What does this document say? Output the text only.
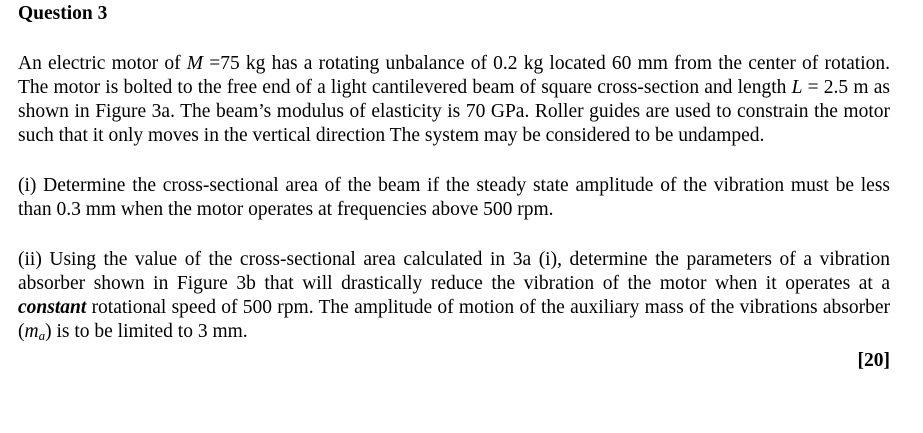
Question 3

An electric motor of M =75 kg has a rotating unbalance of 0.2 kg located 60 mm from the center of rotation. The motor is bolted to the free end of a light cantilevered beam of square cross-section and length L = 2.5 m as shown in Figure 3a. The beam’s modulus of elasticity is 70 GPa. Roller guides are used to constrain the motor such that it only moves in the vertical direction The system may be considered to be undamped.

(i) Determine the cross-sectional area of the beam if the steady state amplitude of the vibration must be less than 0.3 mm when the motor operates at frequencies above 500 rpm.

(ii) Using the value of the cross-sectional area calculated in 3a (i), determine the parameters of a vibration absorber shown in Figure 3b that will drastically reduce the vibration of the motor when it operates at a constant rotational speed of 500 rpm. The amplitude of motion of the auxiliary mass of the vibrations absorber $(m_a)$ is to be limited to 3 mm.

[20]
